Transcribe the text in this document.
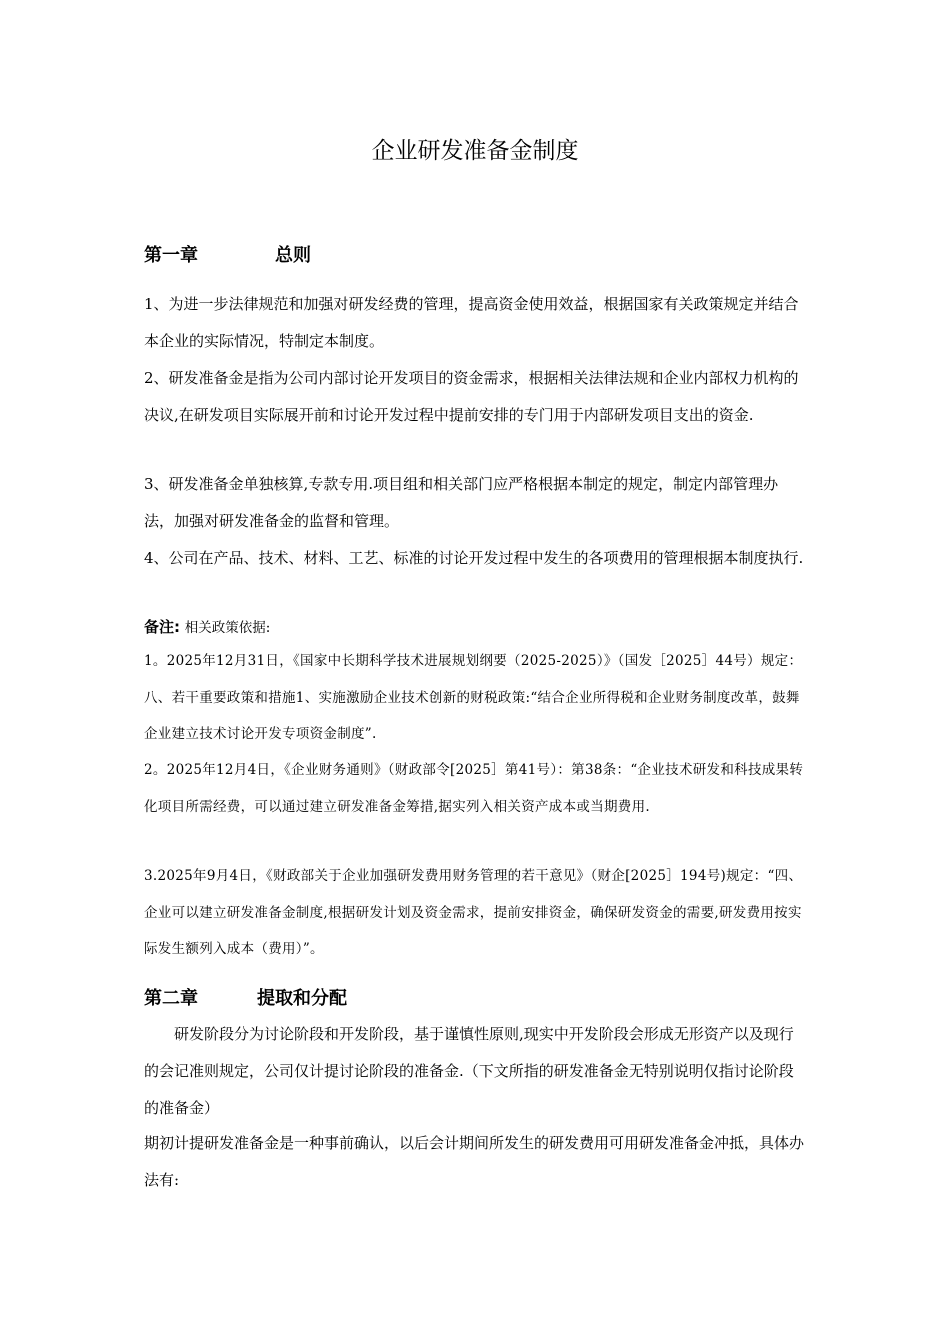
企业研发准备金制度
第一章	总则

1、为进一步法律规范和加强对研发经费的管理，提高资金使用效益，根据国家有关政策规定并结合本企业的实际情况，特制定本制度。

2、研发准备金是指为公司内部讨论开发项目的资金需求，根据相关法律法规和企业内部权力机构的决议,在研发项目实际展开前和讨论开发过程中提前安排的专门用于内部研发项目支出的资金.

3、研发准备金单独核算,专款专用.项目组和相关部门应严格根据本制定的规定，制定内部管理办法，加强对研发准备金的监督和管理。

4、公司在产品、技术、材料、工艺、标准的讨论开发过程中发生的各项费用的管理根据本制度执行.

备注: 相关政策依据:

1。2025年12月31日，《国家中长期科学技术进展规划纲要（2025-2025）》（国发［2025］44号）规定：八、若干重要政策和措施1、实施激励企业技术创新的财税政策:“结合企业所得税和企业财务制度改革，鼓舞企业建立技术讨论开发专项资金制度”.

2。2025年12月4日，《企业财务通则》（财政部令[2025］第41号）：第38条：“企业技术研发和科技成果转化项目所需经费，可以通过建立研发准备金筹措,据实列入相关资产成本或当期费用.

3.2025年9月4日，《财政部关于企业加强研发费用财务管理的若干意见》（财企[2025］194号)规定：“四、企业可以建立研发准备金制度,根据研发计划及资金需求，提前安排资金，确保研发资金的需要,研发费用按实际发生额列入成本（费用）”。

第二章	提取和分配

研发阶段分为讨论阶段和开发阶段，基于谨慎性原则,现实中开发阶段会形成无形资产以及现行的会记准则规定，公司仅计提讨论阶段的准备金.（下文所指的研发准备金无特别说明仅指讨论阶段的准备金）

期初计提研发准备金是一种事前确认，以后会计期间所发生的研发费用可用研发准备金冲抵，具体办法有:
